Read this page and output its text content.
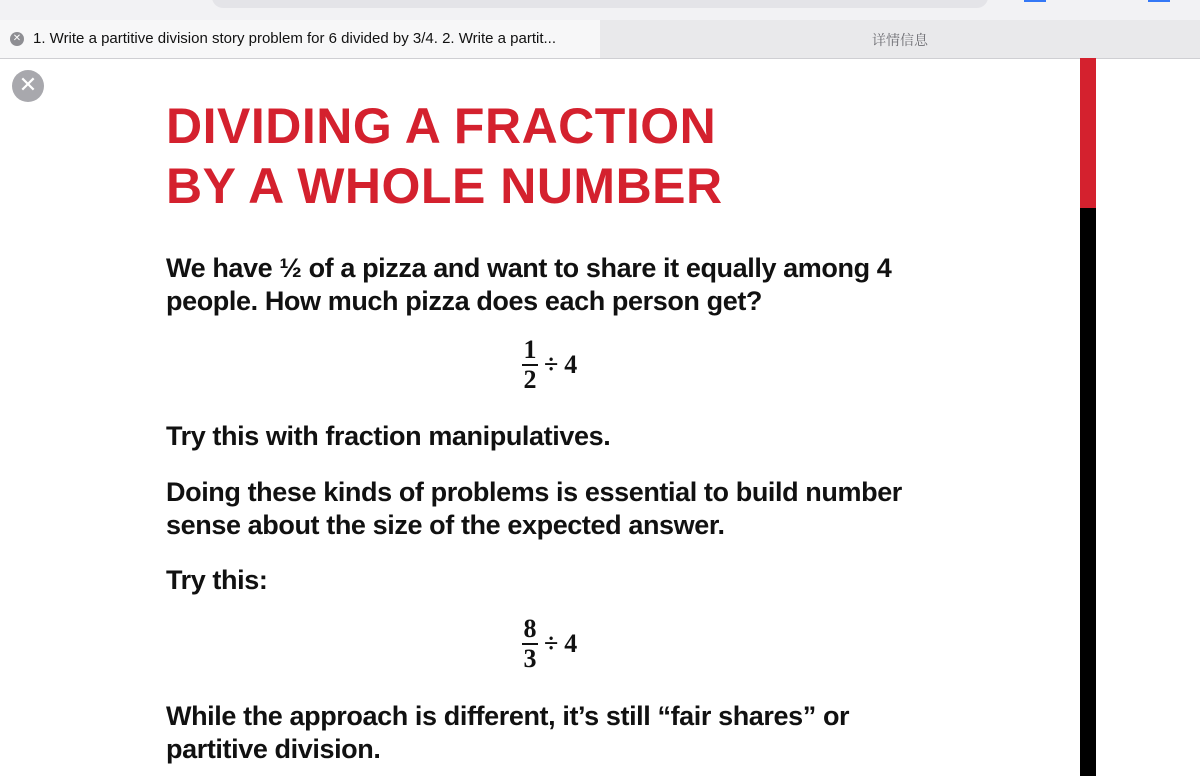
✕ 1. Write a partitive division story problem for 6 divided by 3/4. 2. Write a partit...	详情信息
✕
DIVIDING A FRACTION
BY A WHOLE NUMBER
We have ½ of a pizza and want to share it equally among 4 people. How much pizza does each person get?
$\frac{1}{2} \div 4$
Try this with fraction manipulatives.
Doing these kinds of problems is essential to build number sense about the size of the expected answer.
Try this:
$\frac{8}{3} \div 4$
While the approach is different, it’s still “fair shares” or partitive division.
